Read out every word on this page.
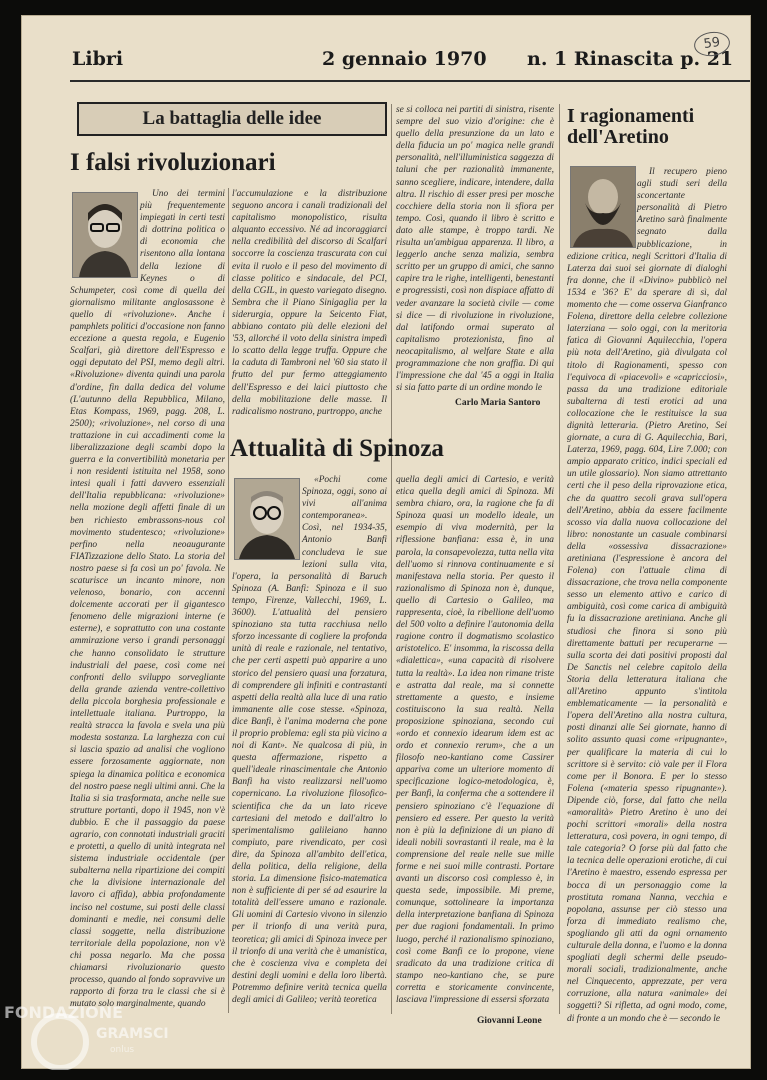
Libri	2 gennaio 1970 n. 1 Rinascita p. 21
59
La battaglia delle idee
I falsi rivoluzionari

Uno dei termini più frequentemente impiegati in certi testi di dottrina politica o di economia che risentono alla lontana della lezione di Keynes o di Schumpeter, così come di quella dei giornalismo militante anglosassone è quello di «rivoluzione». Anche i pamphlets politici d'occasione non fanno eccezione a questa regola, e Eugenio Scalfari, già direttore dell'Espresso e oggi deputato del PSI, memo degli altri. «Rivoluzione» diventa quindi una parola d'ordine, fin dalla dedica del volume (L'autunno della Repubblica, Milano, Etas Kompass, 1969, pagg. 208, L. 2500); «rivoluzione», nel corso di una trattazione in cui accadimenti come la liberalizzazione degli scambi dopo la guerra e la convertibilità monetaria per i non residenti istituita nel 1958, sono intesi quali i fatti davvero essenziali dell'Italia repubblicana: «rivoluzione» nella mozione degli affetti finale di un ben richiesto embrassons-nous col movimento studentesco; «rivoluzione» perfino nella neoaugurante FIATizzazione dello Stato. La storia del nostro paese si fa così un po' favola. Ne scaturisce un incanto minore, non velenoso, bonario, con accenni dolcemente accorati per il gigantesco fenomeno delle migrazioni interne (e esterne), e soprattutto con una costante ammirazione verso i grandi personaggi che hanno consolidato le strutture industriali del paese, così come nei confronti dello sviluppo sorvegliante della grande azienda ventre-collettivo della piccola borghesia professionale e intellettuale italiana. Purtroppo, la realtà stracca la favola e svela una più modesta sostanza. La larghezza con cui si lascia spazio ad analisi che vogliono essere forzosamente aggiornate, non spiega la dinamica politica e economica del nostro paese negli ultimi anni. Che la Italia si sia trasformata, anche nelle sue strutture portanti, dopo il 1945, non v'è dubbio. E che il passaggio da paese agrario, con connotati industriali graciti e protetti, a quello di unità integrata nel sistema industriale occidentale (per subalterna nella ripartizione dei compiti che la divisione internazionale del lavoro ci affida), abbia profondamente inciso nel costume, sui posti delle classi dominanti e medie, nei consumi delle classi soggette, nella distribuzione territoriale della popolazione, non v'è chi possa negarlo. Ma che possa chiamarsi rivoluzionario questo processo, quando al fondo sopravvive un rapporto di forza tra le classi che si è mutato solo marginalmente, quando

l'accumulazione e la distribuzione seguono ancora i canali tradizionali del capitalismo monopolistico, risulta alquanto eccessivo. Né ad incoraggiarci nella credibilità del discorso di Scalfari soccorre la coscienza trascurata con cui evita il ruolo e il peso del movimento di classe politico e sindacale, del PCI, della CGIL, in questo variegato disegno. Sembra che il Piano Sinigaglia per la siderurgia, oppure la Seicento Fiat, abbiano contato più delle elezioni del '53, allorché il voto della sinistra impedì lo scatto della legge truffa. Oppure che la caduta di Tambroni nel '60 sia stato il frutto del pur fermo atteggiamento dell'Espresso e dei laici piuttosto che della mobilitazione delle masse. Il radicalismo nostrano, purtroppo, anche

se si colloca nei partiti di sinistra, risente sempre del suo vizio d'origine: che è quello della presunzione da un lato e della fiducia un po' magica nelle grandi personalità, nell'illuministica saggezza di taluni che per razionalità immanente, sanno scegliere, indicare, intendere, dalla altra. Il rischio di esser presi per mosche cocchiere della storia non li sfiora per tempo. Così, quando il libro è scritto e dato alle stampe, è troppo tardi. Ne risulta un'ambigua apparenza. Il libro, a leggerlo anche senza malizia, sembra scritto per un gruppo di amici, che sanno capire tra le righe, intelligenti, benestanti e progressisti, così non dispiace affatto di veder avanzare la società civile — come si dice — di rivoluzione in rivoluzione, dal latifondo ormai superato al capitalismo protezionista, fino al neocapitalismo, al welfare State e alla programmazione che non graffia. Di qui l'impressione che dal '45 a oggi in Italia si sia fatto parte di un ordine mondo le

Carlo Maria Santoro
Attualità di Spinoza

«Pochi come Spinoza, oggi, sono ai vivi all'anima contemporanea». Così, nel 1934-35, Antonio Banfi concludeva le sue lezioni sulla vita, l'opera, la personalità di Baruch Spinoza (A. Banfi: Spinoza e il suo tempo, Firenze, Vallecchi, 1969, L. 3600). L'attualità del pensiero spinoziano sta tutta racchiusa nello sforzo incessante di cogliere la profonda unità di reale e razionale, nel tentativo, che per certi aspetti può apparire a uno storico del pensiero quasi una forzatura, di comprendere gli infiniti e contrastanti aspetti della realtà alla luce di una ratio immanente alle cose stesse. «Spinoza, dice Banfi, è l'anima moderna che pone il proprio problema: egli sta più vicino a noi di Kant». Ne qualcosa di più, in questa affermazione, rispetto a quell'ideale rinascimentale che Antonio Banfi ha visto realizzarsi nell'uomo copernicano. La rivoluzione filosofico-scientifica che da un lato riceve cartesiani del metodo e dall'altro lo sperimentalismo galileiano hanno compiuto, pare rivendicato, per così dire, da Spinoza all'ambito dell'etica, della politica, della religione, della storia. La dimensione fisico-matematica non è sufficiente di per sé ad esaurire la totalità dell'essere umano e razionale. Gli uomini di Cartesio vivono in silenzio per il trionfo di una verità pura, teoretica; gli amici di Spinoza invece per il trionfo di una verità che è umanistica, che è coscienza viva e completa dei destini degli uomini e della loro libertà. Potremmo definire verità tecnica quella degli amici di Galileo; verità teoretica

quella degli amici di Cartesio, e verità etica quella degli amici di Spinoza. Mi sembra chiaro, ora, la ragione che fa di Spinoza quasi un modello ideale, un esempio di viva modernità, per la riflessione banfiana: essa è, in una parola, la consapevolezza, tutta nella vita dell'uomo si rinnova continuamente e si manifestava nella storia. Per questo il razionalismo di Spinoza non è, dunque, quello di Cartesio o Galileo, ma rappresenta, cioè, la ribellione dell'uomo del 500 volto a definire l'autonomia della ragione contro il dogmatismo scolastico aristotelico. E' insomma, la riscossa della «dialettica», «una capacità di risolvere tutta la realtà». La idea non rimane triste e astratta dal reale, ma si connette strettamente a questo, e insieme costituiscono la sua realtà. Nella proposizione spinoziana, secondo cui «ordo et connexio idearum idem est ac ordo et connexio rerum», che a un filosofo neo-kantiano come Cassirer appariva come un ulteriore momento di specificazione logico-metodologica, è, per Banfi, la conferma che a sottendere il pensiero spinoziano c'è l'equazione di pensiero ed essere. Per questo la verità non è più la definizione di un piano di ideali nobili sovrastanti il reale, ma è la comprensione del reale nelle sue mille forme e nei suoi mille contrasti. Portare avanti un discorso così complesso è, in questa sede, impossibile. Mi preme, comunque, sottolineare la importanza della interpretazione banfiana di Spinoza per due ragioni fondamentali. In primo luogo, perché il razionalismo spinoziano, così come Banfi ce lo propone, viene sradicato da una tradizione critica di stampo neo-kantiano che, se pure corretta e storicamente convincente, lasciava l'impressione di essersi sforzata

Giovanni Leone
I ragionamenti dell'Aretino

Il recupero pieno agli studi seri della sconcertante personalità di Pietro Aretino sarà finalmente segnato dalla pubblicazione, in edizione critica, negli Scrittori d'Italia di Laterza dai suoi sei giornate di dialoghi fra donne, che il «Divino» pubblicò nel 1534 e '36? E' da sperare di sì, dal momento che — come osserva Gianfranco Folena, direttore della celebre collezione laterziana — solo oggi, con la meritoria fatica di Giovanni Aquilecchia, l'opera più nota dell'Aretino, già divulgata col titolo di Ragionamenti, spesso con l'equivoca di «piacevoli» e «capricciosi», passa da una tradizione editoriale subalterna di testi erotici ad una collocazione che le restituisce la sua dignità letteraria. (Pietro Aretino, Sei giornate, a cura di G. Aquilecchia, Bari, Laterza, 1969, pagg. 604, Lire 7.000; con ampio apparato critico, indici speciali ed un utile glossario). Non siamo attrettanto certi che il peso della riprovazione etica, che da quattro secoli grava sull'opera dell'Aretino, abbia da essere facilmente scosso via dalla nuova collocazione del libro: nonostante un casuale combinarsi della «ossessiva dissacrazione» aretiniana (l'espressione è ancora del Folena) con l'attuale clima di dissacrazione, che trova nella componente sesso un elemento attivo e carico di ambiguità, così come carica di ambiguità fu la dissacrazione aretiniana. Anche gli studiosi che finora si sono più direttamente battuti per recuperarne — sulla scorta dei dati positivi proposti dal De Sanctis nel celebre capitolo della Storia della letteratura italiana che all'Aretino appunto s'intitola emblematicamente — la personalità e l'opera dell'Aretino alla nostra cultura, posti dinanzi alle Sei giornate, hanno di solito assunto quasi come «ripugnante», per qualificare la materia di cui lo scrittore si è servito: ciò vale per il Flora come per il Bonora. E per lo stesso Folena («materia spesso ripugnante»). Dipende ciò, forse, dal fatto che nella «amoralità» Pietro Aretino è uno dei pochi scrittori «morali» della nostra letteratura, così povera, in ogni tempo, di tale categoria? O forse più dal fatto che la tecnica delle operazioni erotiche, di cui l'Aretino è maestro, essendo espressa per bocca di un personaggio come la prostituta romana Nanna, vecchia e popolana, assunse per ciò stesso una forza di immediato realismo che, spogliando gli atti da ogni ornamento culturale della donna, e l'uomo e la donna spogliati degli schermi delle pseudo-morali sociali, tradizionalmente, anche nel Cinquecento, apprezzate, per vera corruzione, alla natura «animale» dei soggetti? Si rifletta, ad ogni modo, come, di fronte a un mondo che è — secondo le

FONDAZIONE
GRAMSCI
onlus
